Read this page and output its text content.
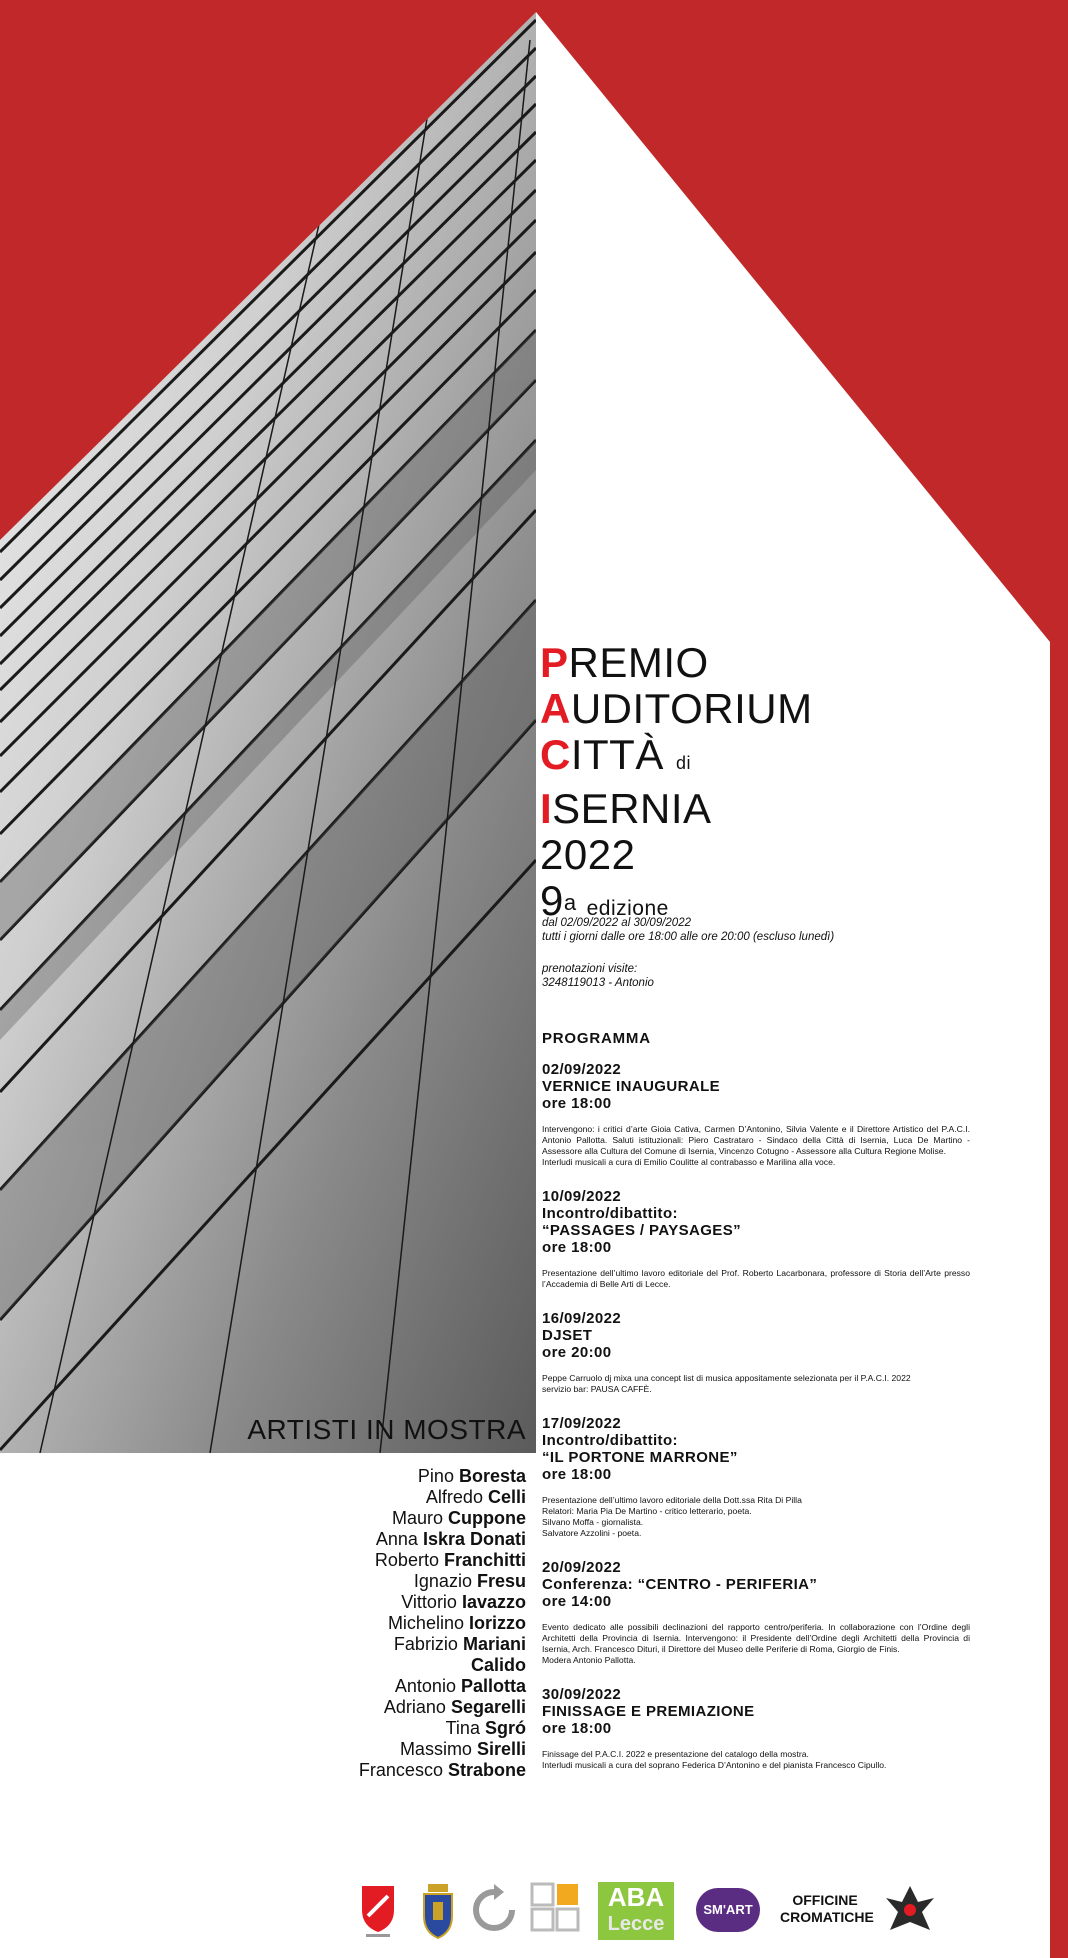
PREMIO
AUDITORIUM
CITTÀ di
ISERNIA
2022
9$^a$ edizione

dal 02/09/2022 al 30/09/2022

tutti i giorni dalle ore 18:00 alle ore 20:00 (escluso lunedì)

prenotazioni visite:

3248119013 - Antonio

PROGRAMMA
02/09/2022
VERNICE INAUGURALE
ore 18:00
Intervengono: i critici d’arte Gioia Cativa, Carmen D’Antonino, Silvia Valente e il Direttore Artistico del P.A.C.I. Antonio Pallotta. Saluti istituzionali: Piero Castrataro - Sindaco della Città di Isernia, Luca De Martino - Assessore alla Cultura del Comune di Isernia, Vincenzo Cotugno - Assessore alla Cultura Regione Molise.
Interludi musicali a cura di Emilio Coulitte al contrabasso e Marilina alla voce.
10/09/2022
Incontro/dibattito:
“PASSAGES / PAYSAGES”
ore 18:00
Presentazione dell’ultimo lavoro editoriale del Prof. Roberto Lacarbonara, professore di Storia dell’Arte presso l’Accademia di Belle Arti di Lecce.
16/09/2022
DJSET
ore 20:00
Peppe Carruolo dj mixa una concept list di musica appositamente selezionata per il P.A.C.I. 2022
servizio bar: PAUSA CAFFÈ.
17/09/2022
Incontro/dibattito:
“IL PORTONE MARRONE”
ore 18:00
Presentazione dell’ultimo lavoro editoriale della Dott.ssa Rita Di Pilla
Relatori: Maria Pia De Martino - critico letterario, poeta.
Silvano Moffa - giornalista.
Salvatore Azzolini - poeta.
20/09/2022
Conferenza: “CENTRO - PERIFERIA”
ore 14:00
Evento dedicato alle possibili declinazioni del rapporto centro/periferia. In collaborazione con l’Ordine degli Architetti della Provincia di Isernia. Intervengono: il Presidente dell’Ordine degli Architetti della Provincia di Isernia, Arch. Francesco Dituri, il Direttore del Museo delle Periferie di Roma, Giorgio de Finis.
Modera Antonio Pallotta.
30/09/2022
FINISSAGE E PREMIAZIONE
ore 18:00
Finissage del P.A.C.I. 2022 e presentazione del catalogo della mostra.
Interludi musicali a cura del soprano Federica D’Antonino e del pianista Francesco Cipullo.
ARTISTI IN MOSTRA
Pino Boresta
Alfredo Celli
Mauro Cuppone
Anna Iskra Donati
Roberto Franchitti
Ignazio Fresu
Vittorio Iavazzo
Michelino Iorizzo
Fabrizio Mariani
Calido
Antonio Pallotta
Adriano Segarelli
Tina Sgró
Massimo Sirelli
Francesco Strabone
ABA
Lecce
SM'ART
OFFICINE
CROMATICHE
